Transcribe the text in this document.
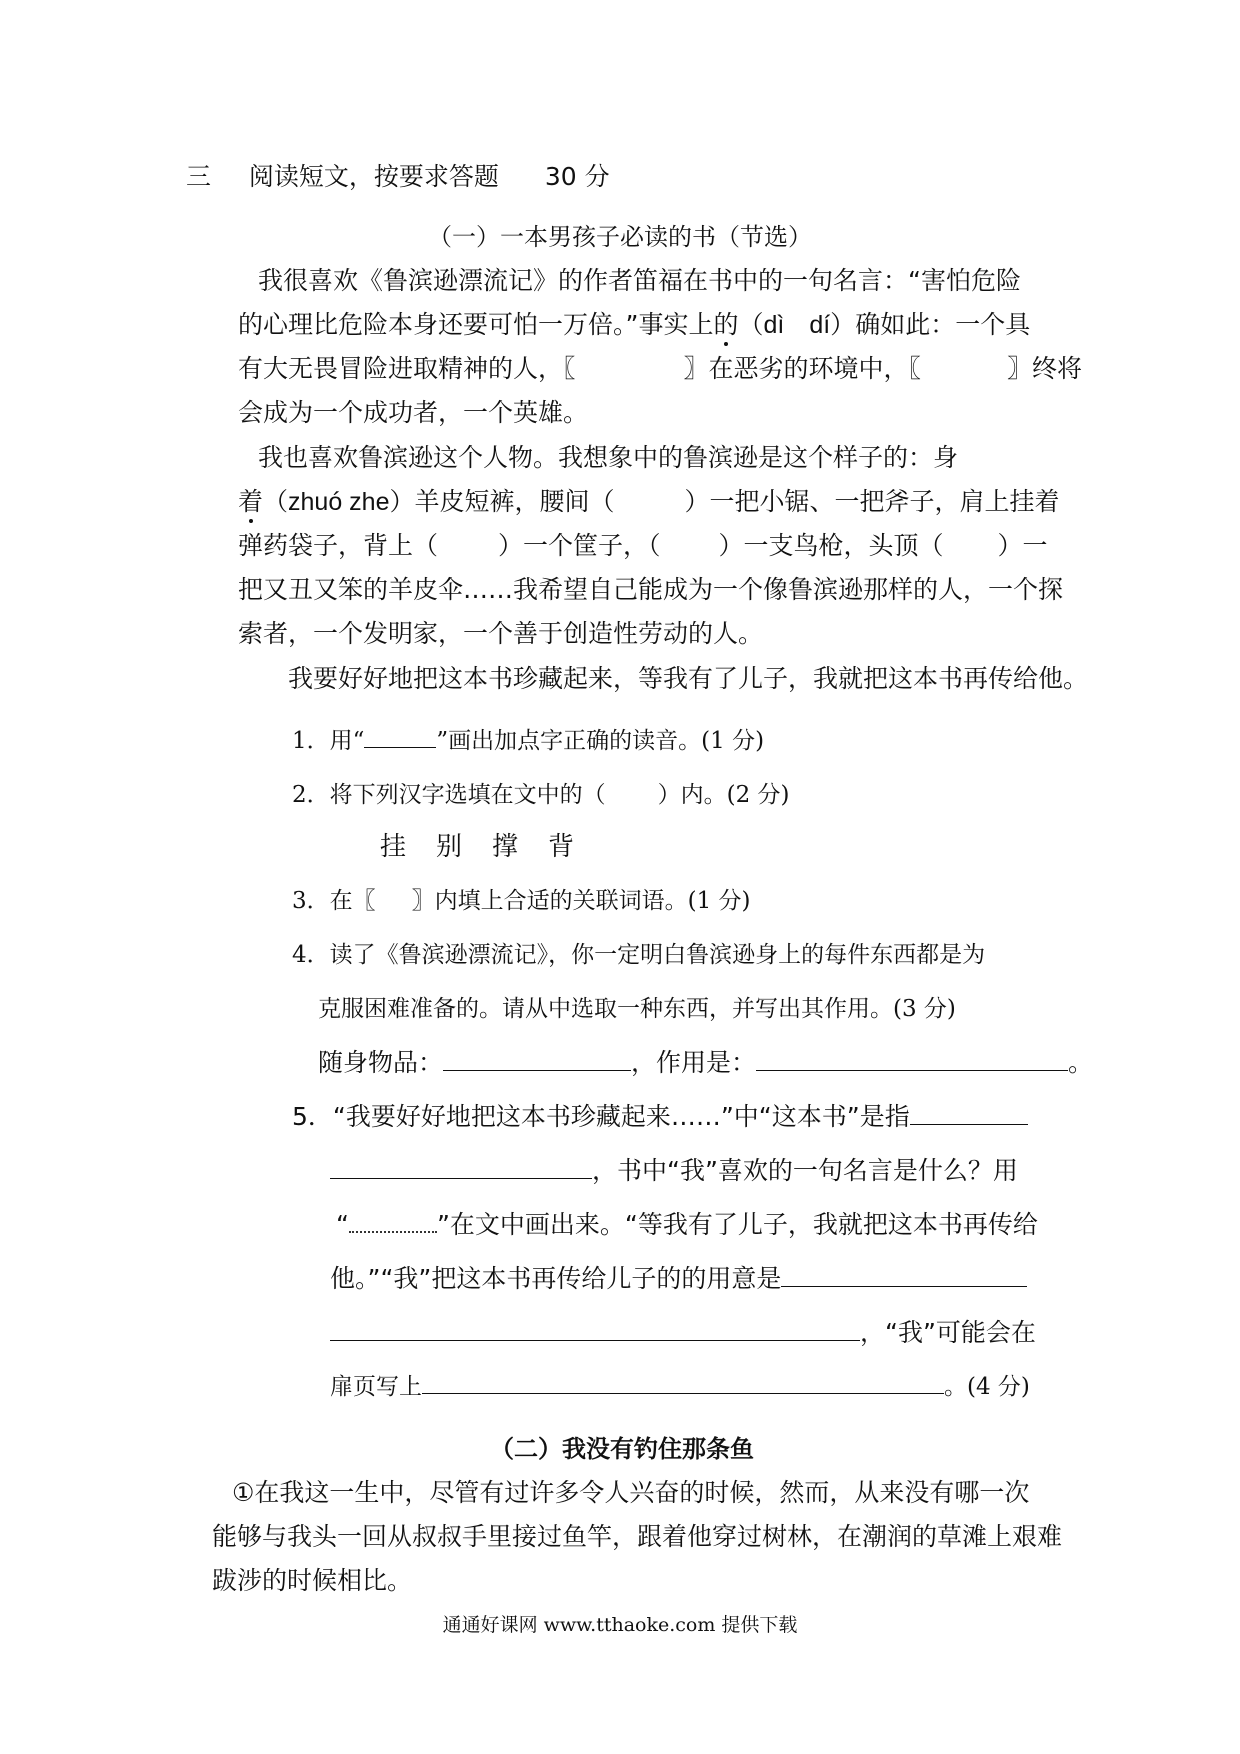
三 阅读短文，按要求答题 30 分
（一）一本男孩子必读的书（节选）
我很喜欢《鲁滨逊漂流记》的作者笛福在书中的一句名言：“害怕危险
的心理比危险本身还要可怕一万倍。”事实上的（dì　dí）确如此：一个具
有大无畏冒险进取精神的人，〖	〗在恶劣的环境中，〖	〗终将
会成为一个成功者，一个英雄。
我也喜欢鲁滨逊这个人物。我想象中的鲁滨逊是这个样子的：身
着（zhuó zhe）羊皮短裤，腰间（	）一把小锯、一把斧子，肩上挂着
弹药袋子，背上（ ）一个筐子，（ ）一支鸟枪，头顶（ ）一
把又丑又笨的羊皮伞……我希望自己能成为一个像鲁滨逊那样的人，一个探
索者，一个发明家，一个善于创造性劳动的人。
我要好好地把这本书珍藏起来，等我有了儿子，我就把这本书再传给他。
1．用“	”画出加点字正确的读音。(1 分)
2．将下列汉字选填在文中的（ ）内。(2 分)
挂 别 撑 背
3．在〖 〗内填上合适的关联词语。(1 分)
4．读了《鲁滨逊漂流记》，你一定明白鲁滨逊身上的每件东西都是为
克服困难准备的。请从中选取一种东西，并写出其作用。(3 分)
随身物品：	，作用是：	。
5．“我要好好地把这本书珍藏起来……”中“这本书”是指
，书中“我”喜欢的一句名言是什么？用
“	”在文中画出来。“等我有了儿子，我就把这本书再传给
他。”“我”把这本书再传给儿子的的用意是
，“我”可能会在
扉页写上	。(4 分)
（二）我没有钓住那条鱼
①在我这一生中，尽管有过许多令人兴奋的时候，然而，从来没有哪一次
能够与我头一回从叔叔手里接过鱼竿，跟着他穿过树林，在潮润的草滩上艰难
跋涉的时候相比。
通通好课网 www.tthaoke.com 提供下载
